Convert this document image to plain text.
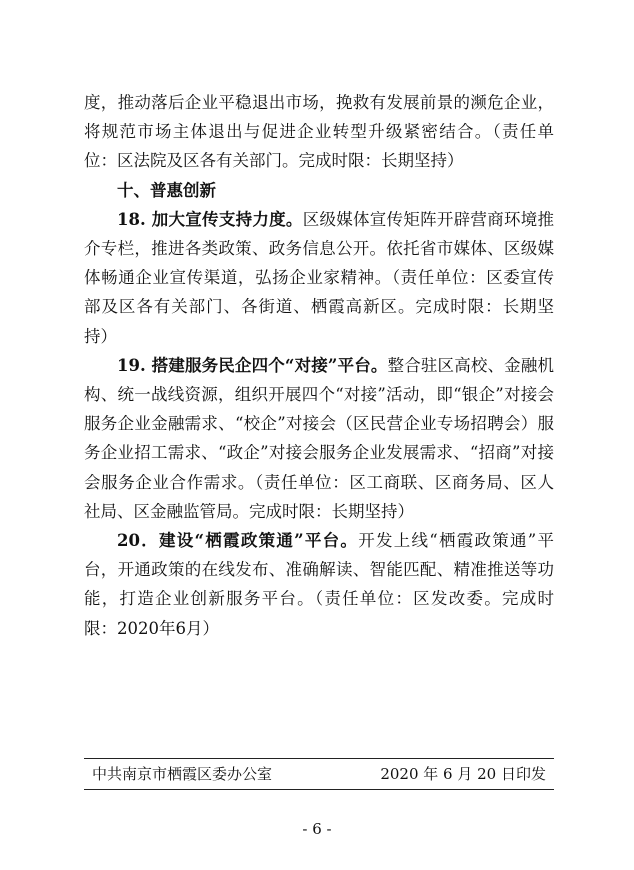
度，推动落后企业平稳退出市场，挽救有发展前景的濒危企业，将规范市场主体退出与促进企业转型升级紧密结合。（责任单位：区法院及区各有关部门。完成时限：长期坚持）

十、普惠创新

18. 加大宣传支持力度。区级媒体宣传矩阵开辟营商环境推介专栏，推进各类政策、政务信息公开。依托省市媒体、区级媒体畅通企业宣传渠道，弘扬企业家精神。（责任单位：区委宣传部及区各有关部门、各街道、栖霞高新区。完成时限：长期坚持）

19. 搭建服务民企四个“对接”平台。整合驻区高校、金融机构、统一战线资源，组织开展四个“对接”活动，即“银企”对接会服务企业金融需求、“校企”对接会（区民营企业专场招聘会）服务企业招工需求、“政企”对接会服务企业发展需求、“招商”对接会服务企业合作需求。（责任单位：区工商联、区商务局、区人社局、区金融监管局。完成时限：长期坚持）

20．建设“栖霞政策通”平台。开发上线“栖霞政策通”平台，开通政策的在线发布、准确解读、智能匹配、精准推送等功能，打造企业创新服务平台。（责任单位：区发改委。完成时限：2020年6月）

中共南京市栖霞区委办公室	2020 年 6 月 20 日印发
- 6 -
